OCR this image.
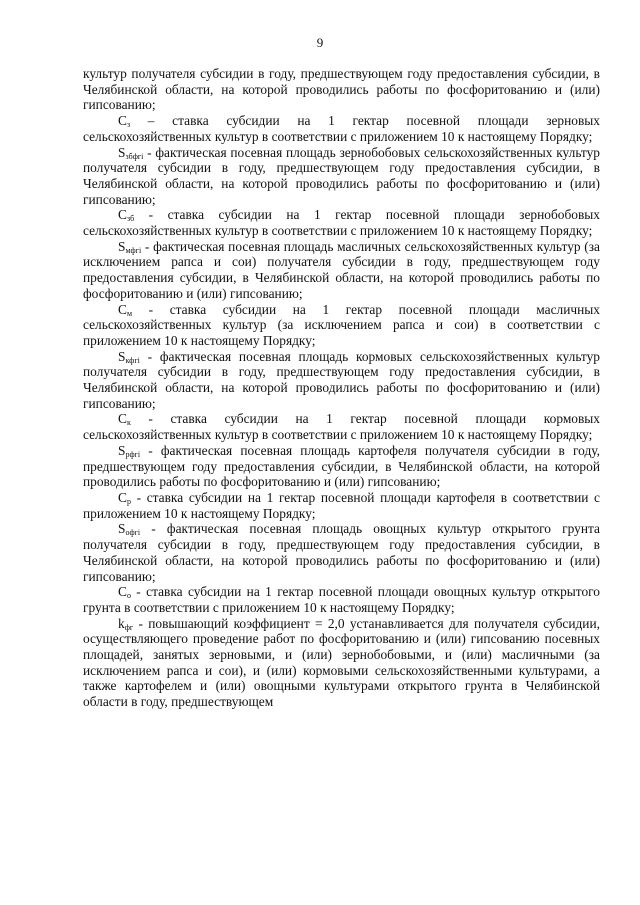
9

культур получателя субсидии в году, предшествующем году предоставления субсидии, в Челябинской области, на которой проводились работы по фосфоритованию и (или) гипсованию;

$С_з$ – ставка субсидии на 1 гектар посевной площади зерновых сельскохозяйственных культур в соответствии с приложением 10 к настоящему Порядку;

$S_{збфгi}$ - фактическая посевная площадь зернобобовых сельскохозяйственных культур получателя субсидии в году, предшествующем году предоставления субсидии, в Челябинской области, на которой проводились работы по фосфоритованию и (или) гипсованию;

$С_{зб}$ - ставка субсидии на 1 гектар посевной площади зернобобовых сельскохозяйственных культур в соответствии с приложением 10 к настоящему Порядку;

$S_{мфгi}$ - фактическая посевная площадь масличных сельскохозяйственных культур (за исключением рапса и сои) получателя субсидии в году, предшествующем году предоставления субсидии, в Челябинской области, на которой проводились работы по фосфоритованию и (или) гипсованию;

$С_м$ - ставка субсидии на 1 гектар посевной площади масличных сельскохозяйственных культур (за исключением рапса и сои) в соответствии с приложением 10 к настоящему Порядку;

$S_{кфгi}$ - фактическая посевная площадь кормовых сельскохозяйственных культур получателя субсидии в году, предшествующем году предоставления субсидии, в Челябинской области, на которой проводились работы по фосфоритованию и (или) гипсованию;

$С_к$ - ставка субсидии на 1 гектар посевной площади кормовых сельскохозяйственных культур в соответствии с приложением 10 к настоящему Порядку;

$S_{рфгi}$ - фактическая посевная площадь картофеля получателя субсидии в году, предшествующем году предоставления субсидии, в Челябинской области, на которой проводились работы по фосфоритованию и (или) гипсованию;

$С_р$ - ставка субсидии на 1 гектар посевной площади картофеля в соответствии с приложением 10 к настоящему Порядку;

$S_{офгi}$ - фактическая посевная площадь овощных культур открытого грунта получателя субсидии в году, предшествующем году предоставления субсидии, в Челябинской области, на которой проводились работы по фосфоритованию и (или) гипсованию;

$С_о$ - ставка субсидии на 1 гектар посевной площади овощных культур открытого грунта в соответствии с приложением 10 к настоящему Порядку;

$k_{фг}$ - повышающий коэффициент = 2,0 устанавливается для получателя субсидии, осуществляющего проведение работ по фосфоритованию и (или) гипсованию посевных площадей, занятых зерновыми, и (или) зернобобовыми, и (или) масличными (за исключением рапса и сои), и (или) кормовыми сельскохозяйственными культурами, а также картофелем и (или) овощными культурами открытого грунта в Челябинской области в году, предшествующем
